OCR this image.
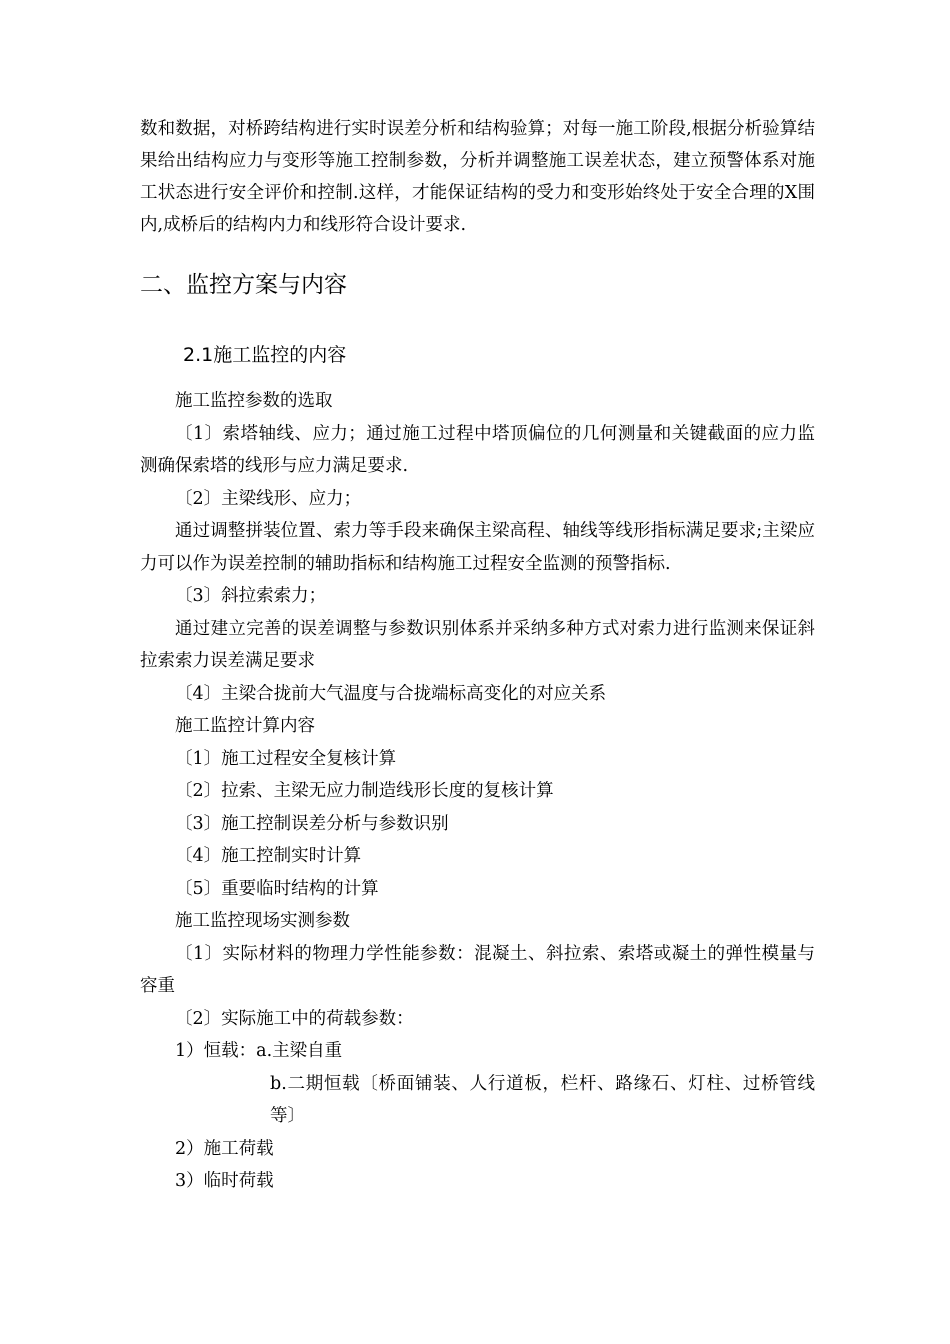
数和数据，对桥跨结构进行实时误差分析和结构验算；对每一施工阶段,根据分析验算结果给出结构应力与变形等施工控制参数，分析并调整施工误差状态，建立预警体系对施工状态进行安全评价和控制.这样，才能保证结构的受力和变形始终处于安全合理的X围内,成桥后的结构内力和线形符合设计要求.

二、监控方案与内容
2.1施工监控的内容

施工监控参数的选取

〔1〕索塔轴线、应力；通过施工过程中塔顶偏位的几何测量和关键截面的应力监测确保索塔的线形与应力满足要求.

〔2〕主梁线形、应力；

通过调整拼装位置、索力等手段来确保主梁高程、轴线等线形指标满足要求;主梁应力可以作为误差控制的辅助指标和结构施工过程安全监测的预警指标.

〔3〕斜拉索索力；

通过建立完善的误差调整与参数识别体系并采纳多种方式对索力进行监测来保证斜拉索索力误差满足要求

〔4〕主梁合拢前大气温度与合拢端标高变化的对应关系

施工监控计算内容

〔1〕施工过程安全复核计算

〔2〕拉索、主梁无应力制造线形长度的复核计算

〔3〕施工控制误差分析与参数识别

〔4〕施工控制实时计算

〔5〕重要临时结构的计算

施工监控现场实测参数

〔1〕实际材料的物理力学性能参数：混凝土、斜拉索、索塔或凝土的弹性模量与容重

〔2〕实际施工中的荷载参数：

1）恒载：a.主梁自重

b.二期恒载〔桥面铺装、人行道板，栏杆、路缘石、灯柱、过桥管线等〕

2）施工荷载

3）临时荷载
